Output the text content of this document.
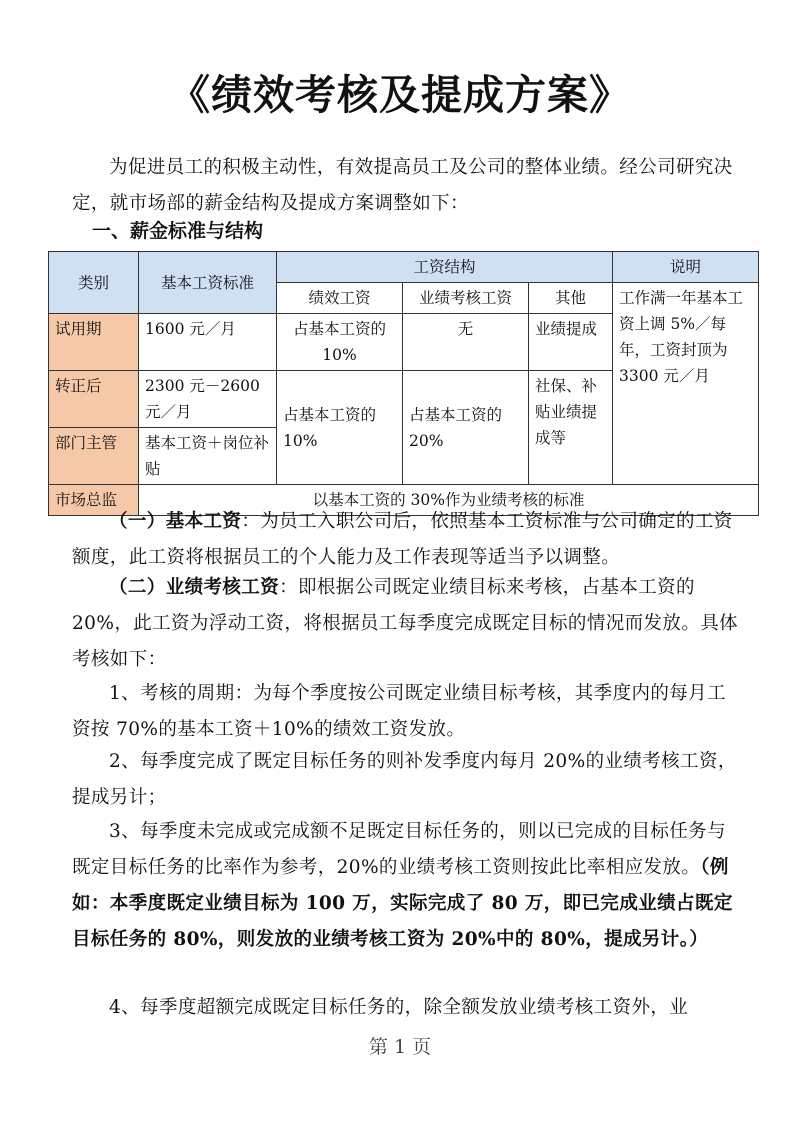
《绩效考核及提成方案》
为促进员工的积极主动性，有效提高员工及公司的整体业绩。经公司研究决定，就市场部的薪金结构及提成方案调整如下：
一、薪金标准与结构
类别	基本工资标准	工资结构			说明
		绩效工资	业绩考核工资	其他	工作满一年基本工资上调 5%／每年，工资封顶为 3300 元／月
试用期	1600 元／月	占基本工资的 10%	无	业绩提成	
转正后	2300 元－2600 元／月	占基本工资的 10%	占基本工资的 20%	社保、补贴业绩提成等	
部门主管	基本工资＋岗位补贴				
市场总监	以基本工资的 30%作为业绩考核的标准				
（一）基本工资：为员工入职公司后，依照基本工资标准与公司确定的工资额度，此工资将根据员工的个人能力及工作表现等适当予以调整。
（二）业绩考核工资：即根据公司既定业绩目标来考核，占基本工资的 20%，此工资为浮动工资，将根据员工每季度完成既定目标的情况而发放。具体考核如下：
1、考核的周期：为每个季度按公司既定业绩目标考核，其季度内的每月工资按 70%的基本工资＋10%的绩效工资发放。
2、每季度完成了既定目标任务的则补发季度内每月 20%的业绩考核工资，提成另计；
3、每季度未完成或完成额不足既定目标任务的，则以已完成的目标任务与既定目标任务的比率作为参考，20%的业绩考核工资则按此比率相应发放。（例如：本季度既定业绩目标为 100 万，实际完成了 80 万，即已完成业绩占既定目标任务的 80%，则发放的业绩考核工资为 20%中的 80%，提成另计。）
4、每季度超额完成既定目标任务的，除全额发放业绩考核工资外，业
第 1 页
